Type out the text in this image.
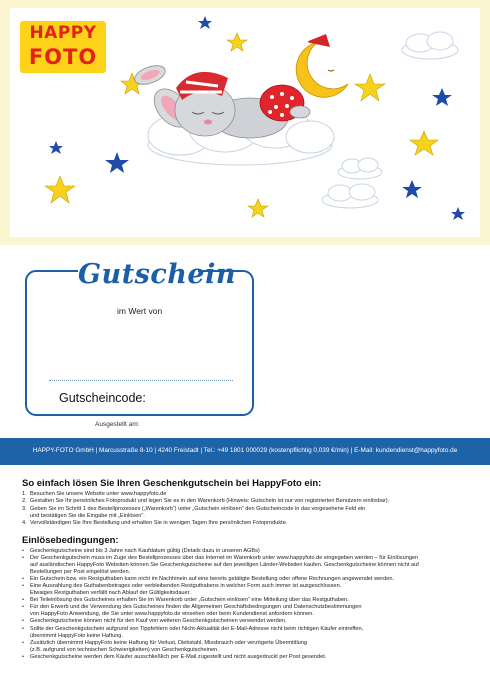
HAPPY
FOTO
Gutschein
im Wert von
Gutscheincode:
Ausgestellt am:
HAPPY-FOTO GmbH | Marcusstraße 8-10 | 4240 Freistadt | Tel.: +49 1801 000029 (kostenpflichtig 0,039 €/min) | E-Mail: kundendienst@happyfoto.de
So einfach lösen Sie Ihren Geschenkgutschein bei HappyFoto ein:
1. Besuchen Sie unsere Website unter www.happyfoto.de
2. Gestalten Sie Ihr persönliches Fotoprodukt und legen Sie es in den Warenkorb (Hinweis: Gutschein ist nur von registrierten Benutzern einlösbar).
3. Geben Sie im Schritt 1 des Bestellprozesses („Warenkorb“) unter „Gutschein einlösen“ den Gutscheincode in das vorgesehene Feld ein
und bestätigen Sie die Eingabe mit „Einlösen“.
4. Vervollständigen Sie Ihre Bestellung und erhalten Sie in wenigen Tagen Ihre persönlichen Fotoprodukte.
Einlösebedingungen:
• Geschenkgutscheine sind bis 3 Jahre nach Kaufdatum gültig (Details dazu in unseren AGBs)
• Der Geschenkgutschein muss im Zuge des Bestellprozesses über das Internet im Warenkorb unter www.happyfoto.de eingegeben werden – für Einlösungen
auf ausländischen HappyFoto Websiten können Sie Geschenkgutscheine auf den jeweiligen Länder-Websiten kaufen. Geschenkgutscheine können nicht auf
Bestellungen per Post eingelöst werden.
• Ein Gutschein bzw. ein Restguthaben kann nicht im Nachhinein auf eine bereits getätigte Bestellung oder offene Rechnungen angewendet werden.
• Eine Auszahlung des Guthabenbetrages oder verbleibenden Restguthabens in welcher Form auch immer ist ausgeschlossen.
Etwaiges Restguthaben verfällt nach Ablauf der Gültigkeitsdauer.
• Bei Teileinlösung des Gutscheines erhalten Sie im Warenkorb unter „Gutschein einlösen“ eine Mitteilung über das Restguthaben.
• Für den Erwerb und die Verwendung des Gutscheines finden die Allgemeinen Geschäftsbedingungen und Datenschutzbestimmungen
von HappyFoto Anwendung, die Sie unter www.happyfoto.de einsehen oder beim Kundendienst anfordern können.
• Geschenkgutscheine können nicht für den Kauf von weiteren Geschenkgutscheinen verwendet werden.
• Sollte der Geschenkgutschein aufgrund von Tippfehlern oder Nicht-Aktualität der E-Mail-Adresse nicht beim richtigen Käufer eintreffen,
übernimmt HappyFoto keine Haftung.
• Zusätzlich übernimmt HappyFoto keine Haftung für Verlust, Diebstahl, Missbrauch oder verzögerte Übermittlung
(z.B. aufgrund von technischen Schwierigkeiten) von Geschenkgutscheinen.
• Geschenkgutscheine werden dem Käufer ausschließlich per E-Mail zugestellt und nicht ausgedruckt per Post gesendet.
